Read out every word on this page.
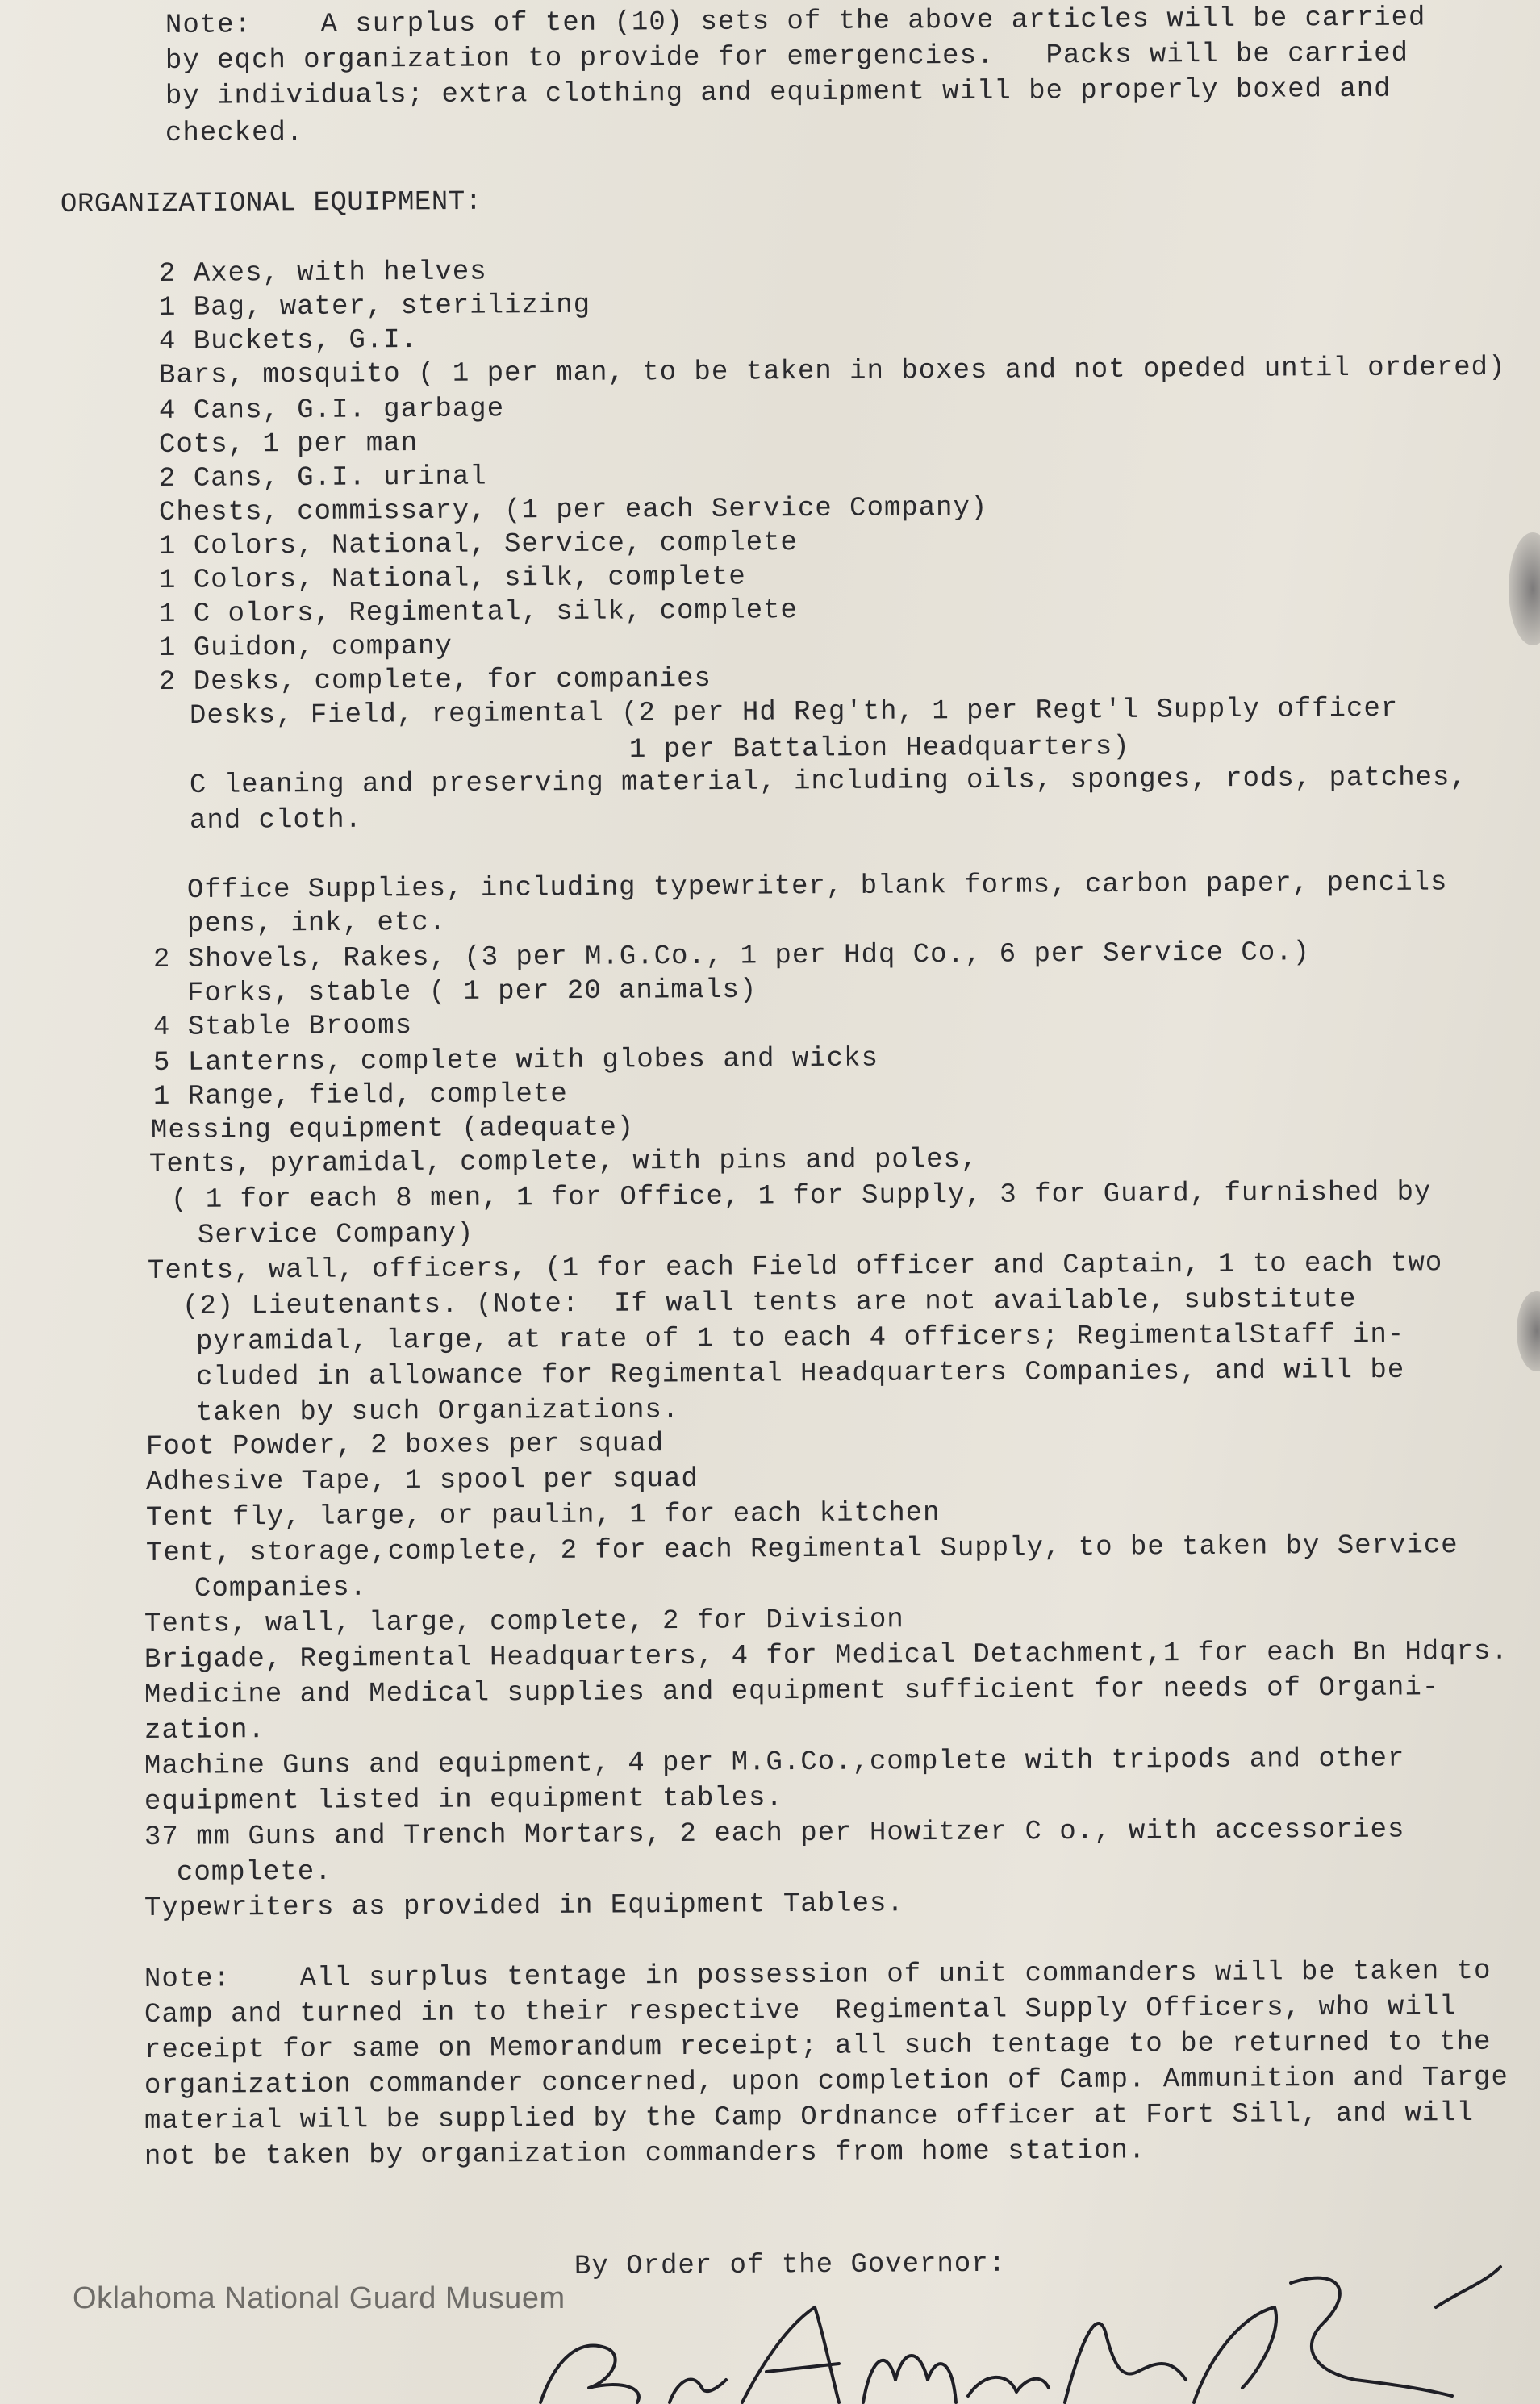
Note:    A surplus of ten (10) sets of the above articles will be carried
by eqch organization to provide for emergencies.   Packs will be carried
by individuals; extra clothing and equipment will be properly boxed and
checked.
ORGANIZATIONAL EQUIPMENT:
2 Axes, with helves
1 Bag, water, sterilizing
4 Buckets, G.I.
Bars, mosquito ( 1 per man, to be taken in boxes and not opeded until ordered)
4 Cans, G.I. garbage
Cots, 1 per man
2 Cans, G.I. urinal
Chests, commissary, (1 per each Service Company)
1 Colors, National, Service, complete
1 Colors, National, silk, complete
1 C olors, Regimental, silk, complete
1 Guidon, company
2 Desks, complete, for companies
Desks, Field, regimental (2 per Hd Reg'th, 1 per Regt'l Supply officer
1 per Battalion Headquarters)
C leaning and preserving material, including oils, sponges, rods, patches,
and cloth.
Office Supplies, including typewriter, blank forms, carbon paper, pencils
pens, ink, etc.
2 Shovels, Rakes, (3 per M.G.Co., 1 per Hdq Co., 6 per Service Co.)
Forks, stable ( 1 per 20 animals)
4 Stable Brooms
5 Lanterns, complete with globes and wicks
1 Range, field, complete
Messing equipment (adequate)
Tents, pyramidal, complete, with pins and poles,
( 1 for each 8 men, 1 for Office, 1 for Supply, 3 for Guard, furnished by
Service Company)
Tents, wall, officers, (1 for each Field officer and Captain, 1 to each two
(2) Lieutenants. (Note:  If wall tents are not available, substitute
pyramidal, large, at rate of 1 to each 4 officers; RegimentalStaff in-
cluded in allowance for Regimental Headquarters Companies, and will be
taken by such Organizations.
Foot Powder, 2 boxes per squad
Adhesive Tape, 1 spool per squad
Tent fly, large, or paulin, 1 for each kitchen
Tent, storage,complete, 2 for each Regimental Supply, to be taken by Service
Companies.
Tents, wall, large, complete, 2 for Division
Brigade, Regimental Headquarters, 4 for Medical Detachment,1 for each Bn Hdqrs.
Medicine and Medical supplies and equipment sufficient for needs of Organi-
zation.
Machine Guns and equipment, 4 per M.G.Co.,complete with tripods and other
equipment listed in equipment tables.
37 mm Guns and Trench Mortars, 2 each per Howitzer C o., with accessories
complete.
Typewriters as provided in Equipment Tables.
Note:    All surplus tentage in possession of unit commanders will be taken to
Camp and turned in to their respective  Regimental Supply Officers, who will
receipt for same on Memorandum receipt; all such tentage to be returned to the
organization commander concerned, upon completion of Camp. Ammunition and Targe
material will be supplied by the Camp Ordnance officer at Fort Sill, and will
not be taken by organization commanders from home station.
By Order of the Governor:
Oklahoma National Guard Musuem
